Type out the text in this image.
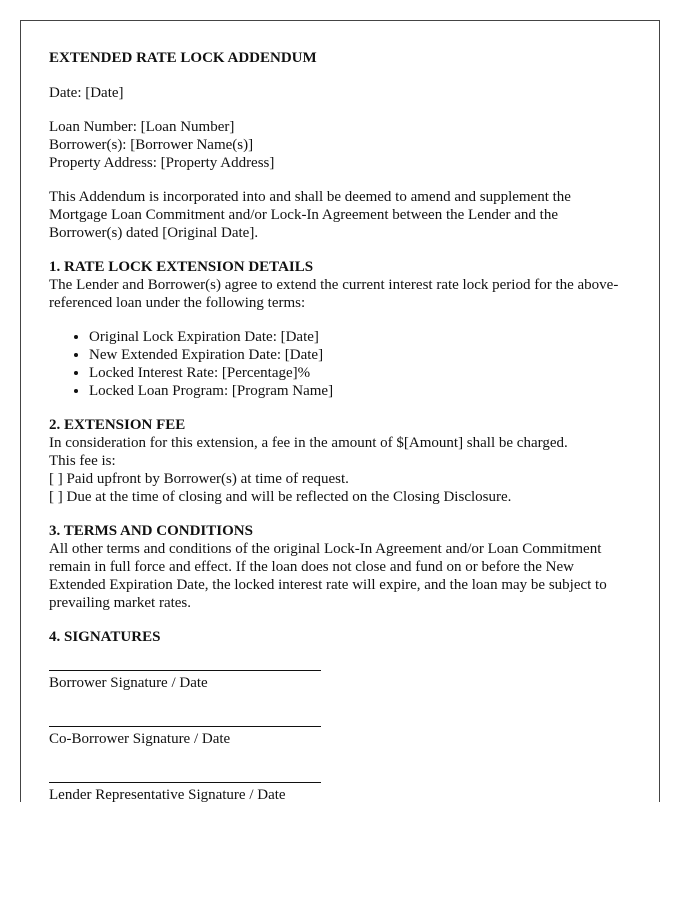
EXTENDED RATE LOCK ADDENDUM

Date: [Date]

Loan Number: [Loan Number]
Borrower(s): [Borrower Name(s)]
Property Address: [Property Address]

This Addendum is incorporated into and shall be deemed to amend and supplement the Mortgage Loan Commitment and/or Lock-In Agreement between the Lender and the Borrower(s) dated [Original Date].

1. RATE LOCK EXTENSION DETAILS

The Lender and Borrower(s) agree to extend the current interest rate lock period for the above-referenced loan under the following terms:

• Original Lock Expiration Date: [Date]
• New Extended Expiration Date: [Date]
• Locked Interest Rate: [Percentage]%
• Locked Loan Program: [Program Name]
2. EXTENSION FEE

In consideration for this extension, a fee in the amount of $[Amount] shall be charged.
This fee is:
[ ] Paid upfront by Borrower(s) at time of request.
[ ] Due at the time of closing and will be reflected on the Closing Disclosure.

3. TERMS AND CONDITIONS

All other terms and conditions of the original Lock-In Agreement and/or Loan Commitment remain in full force and effect. If the loan does not close and fund on or before the New Extended Expiration Date, the locked interest rate will expire, and the loan may be subject to prevailing market rates.

4. SIGNATURES
Borrower Signature / Date
Co-Borrower Signature / Date
Lender Representative Signature / Date
